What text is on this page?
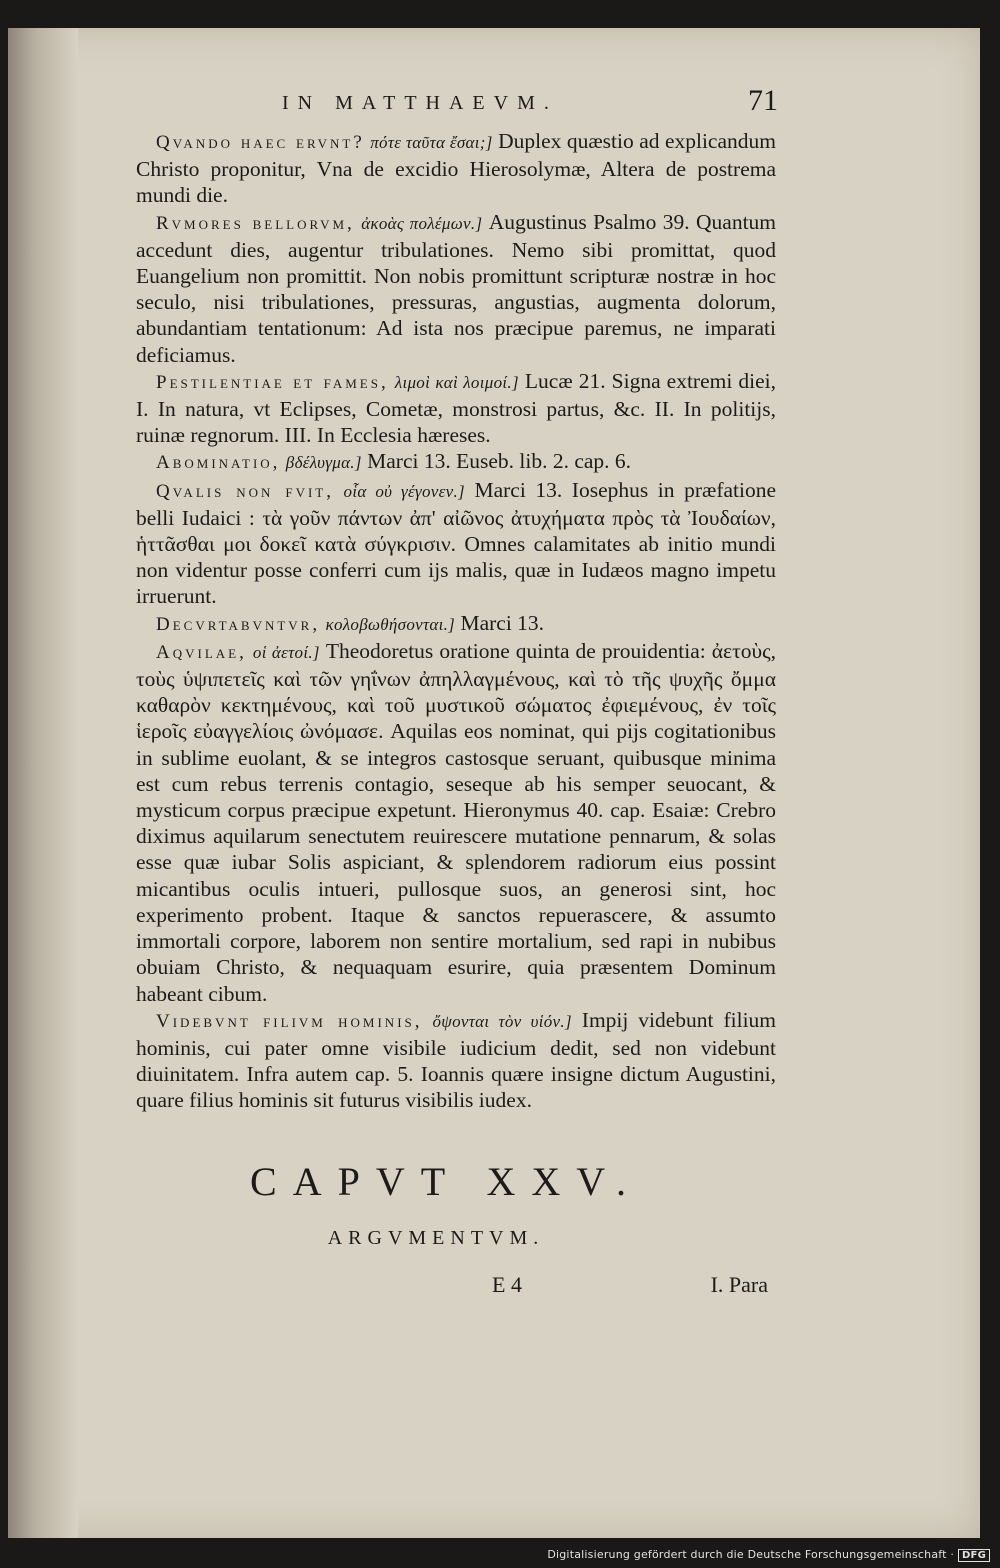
IN MATTHAEVM.	71

Qvando haec ervnt? πότε ταῦτα ἔσαι;] Duplex quæstio ad explicandum Christo proponitur, Vna de excidio Hierosolymæ, Altera de postrema mundi die.

Rvmores bellorvm, ἀκοὰς πολέμων.] Augustinus Psalmo 39. Quantum accedunt dies, augentur tribulationes. Nemo sibi promittat, quod Euangelium non promittit. Non nobis promittunt scripturæ nostræ in hoc seculo, nisi tribulationes, pressuras, angustias, augmenta dolorum, abundantiam tentationum: Ad ista nos præcipue paremus, ne imparati deficiamus.

Pestilentiae et fames, λιμοὶ καὶ λοιμοί.] Lucæ 21. Signa extremi diei, I. In natura, vt Eclipses, Cometæ, monstrosi partus, &c. II. In politijs, ruinæ regnorum. III. In Ecclesia hæreses.

Abominatio, βδέλυγμα.] Marci 13. Euseb. lib. 2. cap. 6.

Qvalis non fvit, οἷα οὐ γέγονεν.] Marci 13. Iosephus in præfatione belli Iudaici : τὰ γοῦν πάντων ἀπ' αἰῶνος ἀτυχήματα πρὸς τὰ Ἰουδαίων, ἡττᾶσθαι μοι δοκεῖ κατὰ σύγκρισιν. Omnes calamitates ab initio mundi non videntur posse conferri cum ijs malis, quæ in Iudæos magno impetu irruerunt.

Decvrtabvntvr, κολοβωθήσονται.] Marci 13.

Aqvilae, οἱ ἀετοί.] Theodoretus oratione quinta de prouidentia: ἀετοὺς, τοὺς ὑψιπετεῖς καὶ τῶν γηΐνων ἀπηλλαγμένους, καὶ τὸ τῆς ψυχῆς ὄμμα καθαρὸν κεκτημένους, καὶ τοῦ μυστικοῦ σώματος ἐφιεμένους, ἐν τοῖς ἱεροῖς εὐαγγελίοις ὠνόμασε. Aquilas eos nominat, qui pijs cogitationibus in sublime euolant, & se integros castosque seruant, quibusque minima est cum rebus terrenis contagio, seseque ab his semper seuocant, & mysticum corpus præcipue expetunt. Hieronymus 40. cap. Esaiæ: Crebro diximus aquilarum senectutem reuirescere mutatione pennarum, & solas esse quæ iubar Solis aspiciant, & splendorem radiorum eius possint micantibus oculis intueri, pullosque suos, an generosi sint, hoc experimento probent. Itaque & sanctos repuerascere, & assumto immortali corpore, laborem non sentire mortalium, sed rapi in nubibus obuiam Christo, & nequaquam esurire, quia præsentem Dominum habeant cibum.

Videbvnt filivm hominis, ὄψονται τὸν υἱόν.] Impij videbunt filium hominis, cui pater omne visibile iudicium dedit, sed non videbunt diuinitatem. Infra autem cap. 5. Ioannis quære insigne dictum Augustini, quare filius hominis sit futurus visibilis iudex.

CAPVT XXV.
ARGVMENTVM.
E 4	I. Para
Digitalisierung gefördert durch die Deutsche Forschungsgemeinschaft · DFG
